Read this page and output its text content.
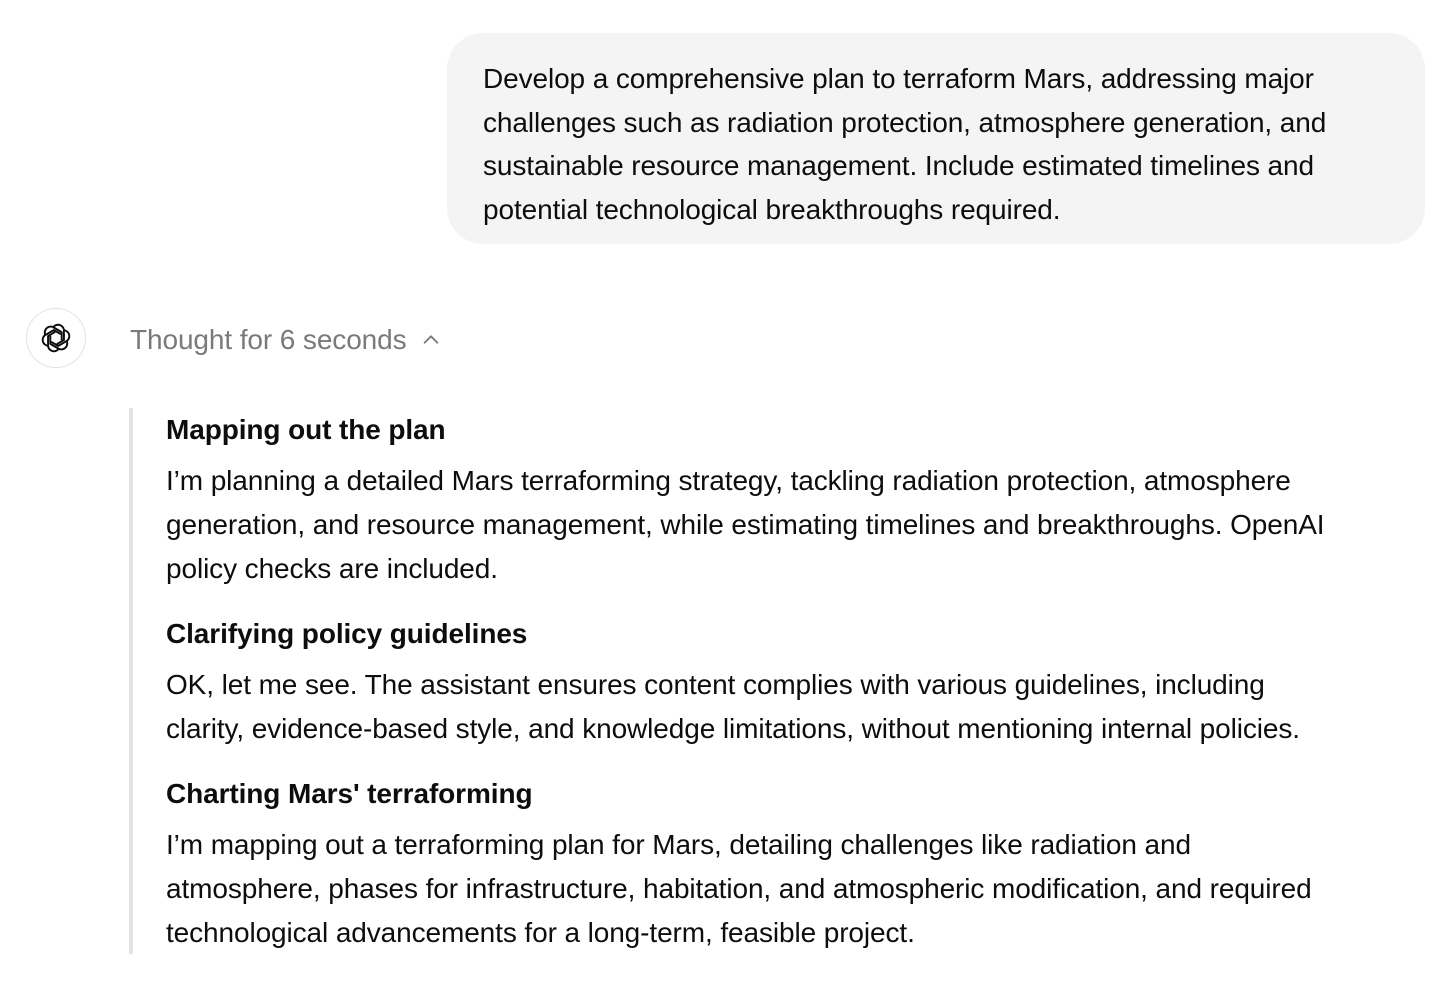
Develop a comprehensive plan to terraform Mars, addressing major
challenges such as radiation protection, atmosphere generation, and
sustainable resource management. Include estimated timelines and
potential technological breakthroughs required.
Thought for 6 seconds
Mapping out the plan
I’m planning a detailed Mars terraforming strategy, tackling radiation protection, atmosphere
generation, and resource management, while estimating timelines and breakthroughs. OpenAI
policy checks are included.
Clarifying policy guidelines
OK, let me see. The assistant ensures content complies with various guidelines, including
clarity, evidence-based style, and knowledge limitations, without mentioning internal policies.
Charting Mars' terraforming
I’m mapping out a terraforming plan for Mars, detailing challenges like radiation and
atmosphere, phases for infrastructure, habitation, and atmospheric modification, and required
technological advancements for a long-term, feasible project.
